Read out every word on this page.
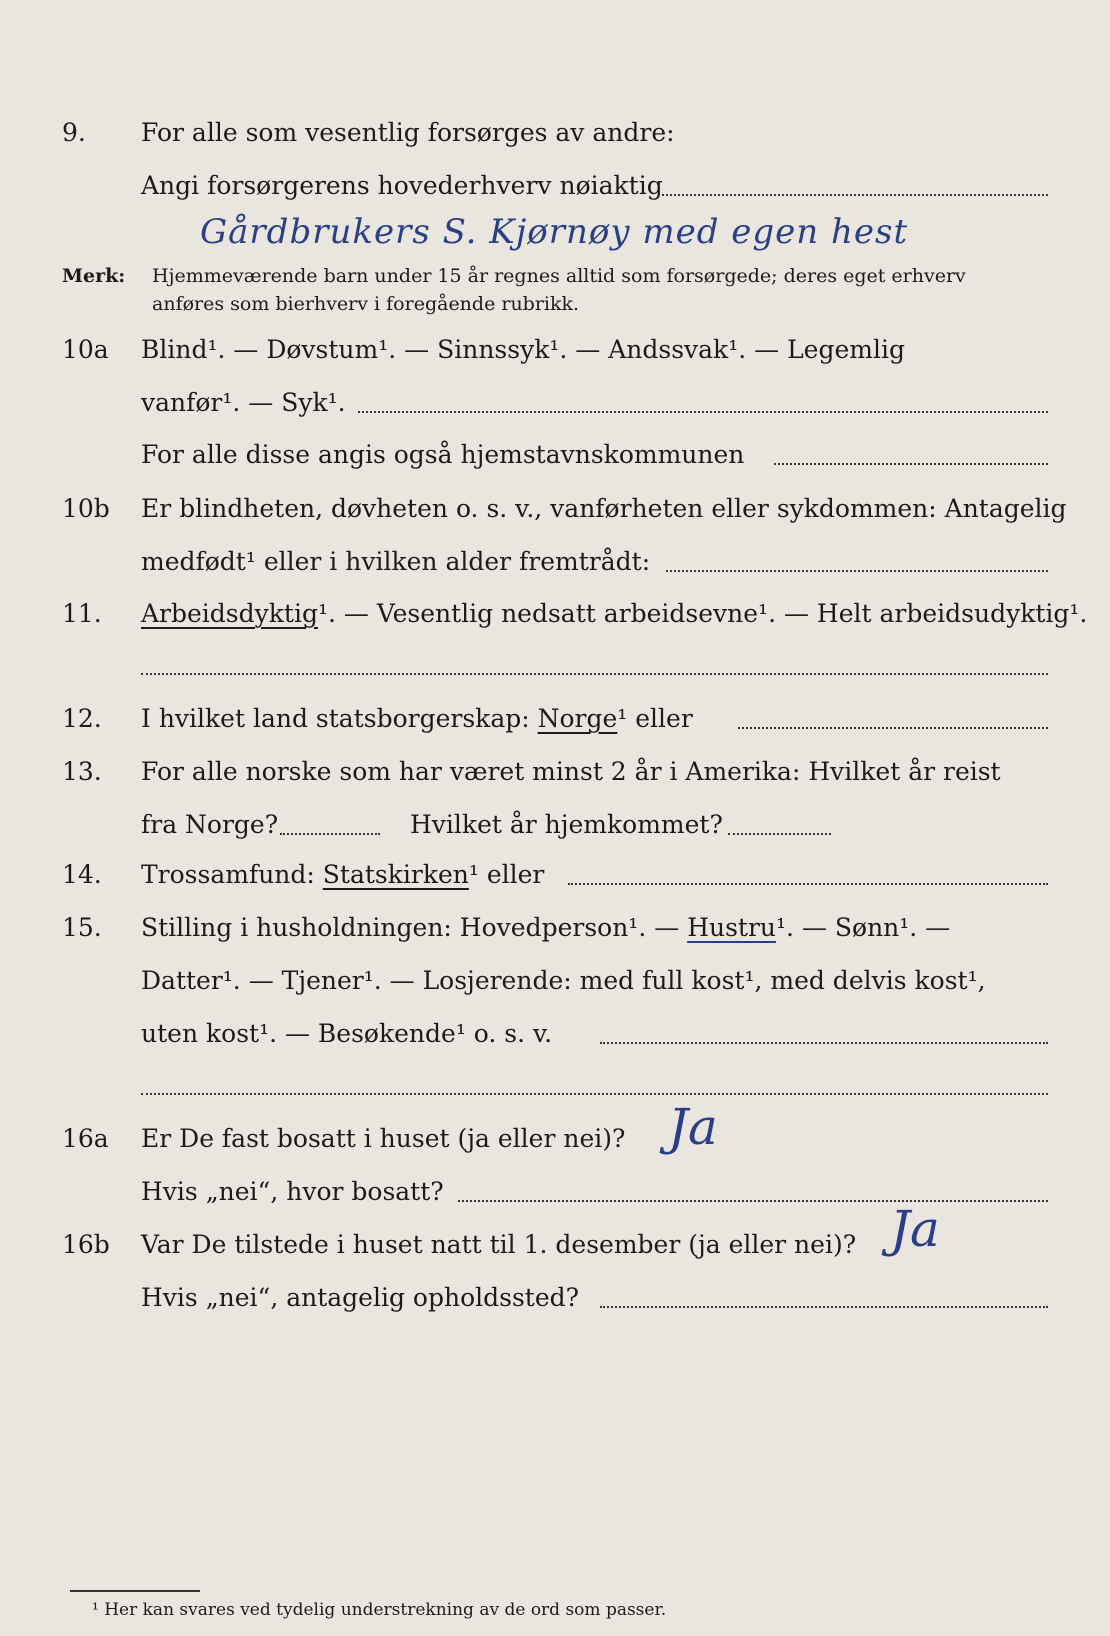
9.	For alle som vesentlig forsørges av andre:
Angi forsørgerens hovederhverv nøiaktig
Gårdbrukers S. Kjørnøy med egen hest
Merk: Hjemmeværende barn under 15 år regnes alltid som forsørgede; deres eget erhverv
anføres som bierhverv i foregående rubrikk.
10a	Blind¹. — Døvstum¹. — Sinnssyk¹. — Andssvak¹. — Legemlig
vanfør¹. — Syk¹.
For alle disse angis også hjemstavnskommunen
10b	Er blindheten, døvheten o. s. v., vanførheten eller sykdommen: Antagelig
medfødt¹ eller i hvilken alder fremtrådt:
11.	Arbeidsdyktig¹. — Vesentlig nedsatt arbeidsevne¹. — Helt arbeidsudyktig¹.
12.	I hvilket land statsborgerskap: Norge¹ eller
13.	For alle norske som har været minst 2 år i Amerika: Hvilket år reist
fra Norge?	Hvilket år hjemkommet?
14.	Trossamfund: Statskirken¹ eller
15.	Stilling i husholdningen: Hovedperson¹. — Hustru¹. — Sønn¹. —
Datter¹. — Tjener¹. — Losjerende: med full kost¹, med delvis kost¹,
uten kost¹. — Besøkende¹ o. s. v.
16a	Er De fast bosatt i huset (ja eller nei)? Ja
Hvis „nei“, hvor bosatt?
16b	Var De tilstede i huset natt til 1. desember (ja eller nei)? Ja
Hvis „nei“, antagelig opholdssted?
¹ Her kan svares ved tydelig understrekning av de ord som passer.
